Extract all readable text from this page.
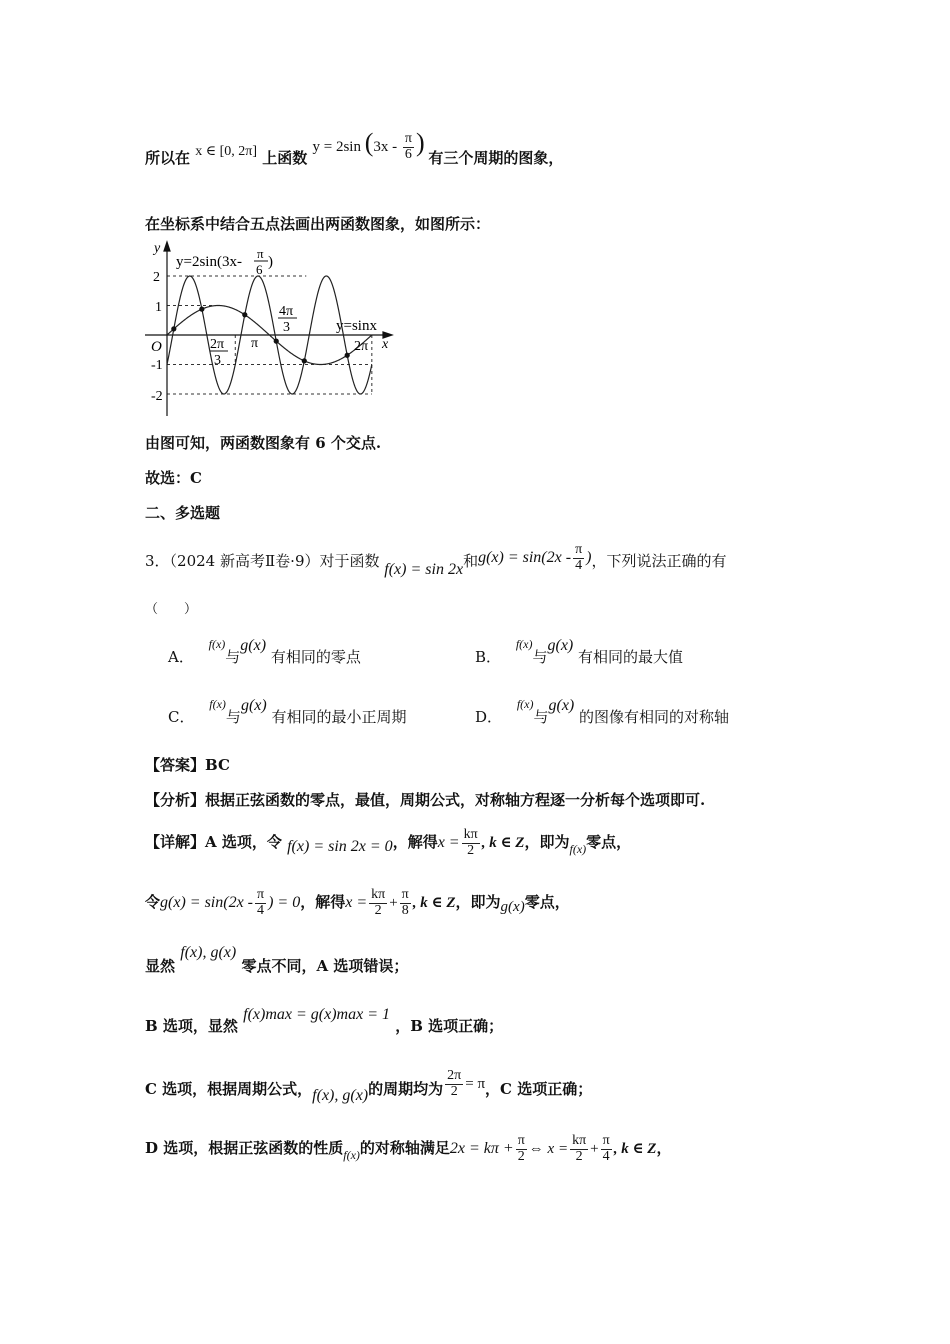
所以在 x ∈ [0, 2π] 上函数 y = 2sin ($3x - \frac{\pi}{6}$ ) 有三个周期的图象，
在坐标系中结合五点法画出两函数图象，如图所示：
y
x
O
2
1
-1
-2
y=2sin(3x-
π
6 )
y=sinx
2π
3
π
4π
3
2π
由图可知，两函数图象有 6 个交点.
故选：C
二、多选题
3．（2024 新高考Ⅱ卷·9）对于函数 f(x) = sin 2x和$g(x) = \sin(2x - \frac{\pi}{4}$ )，下列说法正确的有
（　　）
A． $^{f(x)}$与g(x) 有相同的零点	B． $^{f(x)}$与g(x) 有相同的最大值
C． $^{f(x)}$与g(x) 有相同的最小正周期	D． $^{f(x)}$与g(x) 的图像有相同的对称轴
【答案】BC
【分析】根据正弦函数的零点，最值，周期公式，对称轴方程逐一分析每个选项即可.
【详解】A 选项，令 f(x) = sin 2x = 0，解得$x = \frac{k\pi}{2}$ , k ∈ Z，即为$_{f(x)}$零点，
令$g(x) = \sin(2x - \frac{\pi}{4}$ ) = 0，解得$x = \frac{k\pi}{2} + \frac{\pi}{8}$ , k ∈ Z，即为g(x)零点，
显然 f(x), g(x) 零点不同，A 选项错误；
B 选项，显然 f(x)max = g(x)max = 1 ，B 选项正确；
C 选项，根据周期公式，f(x), g(x)的周期均为 $\frac{2\pi}{2} = \pi$，C 选项正确；
D 选项，根据正弦函数的性质$_{f(x)}$的对称轴满足$2x = k\pi + \frac{\pi}{2}$ ⇔ $x = \frac{k\pi}{2} + \frac{\pi}{4}$ , k ∈ Z，
